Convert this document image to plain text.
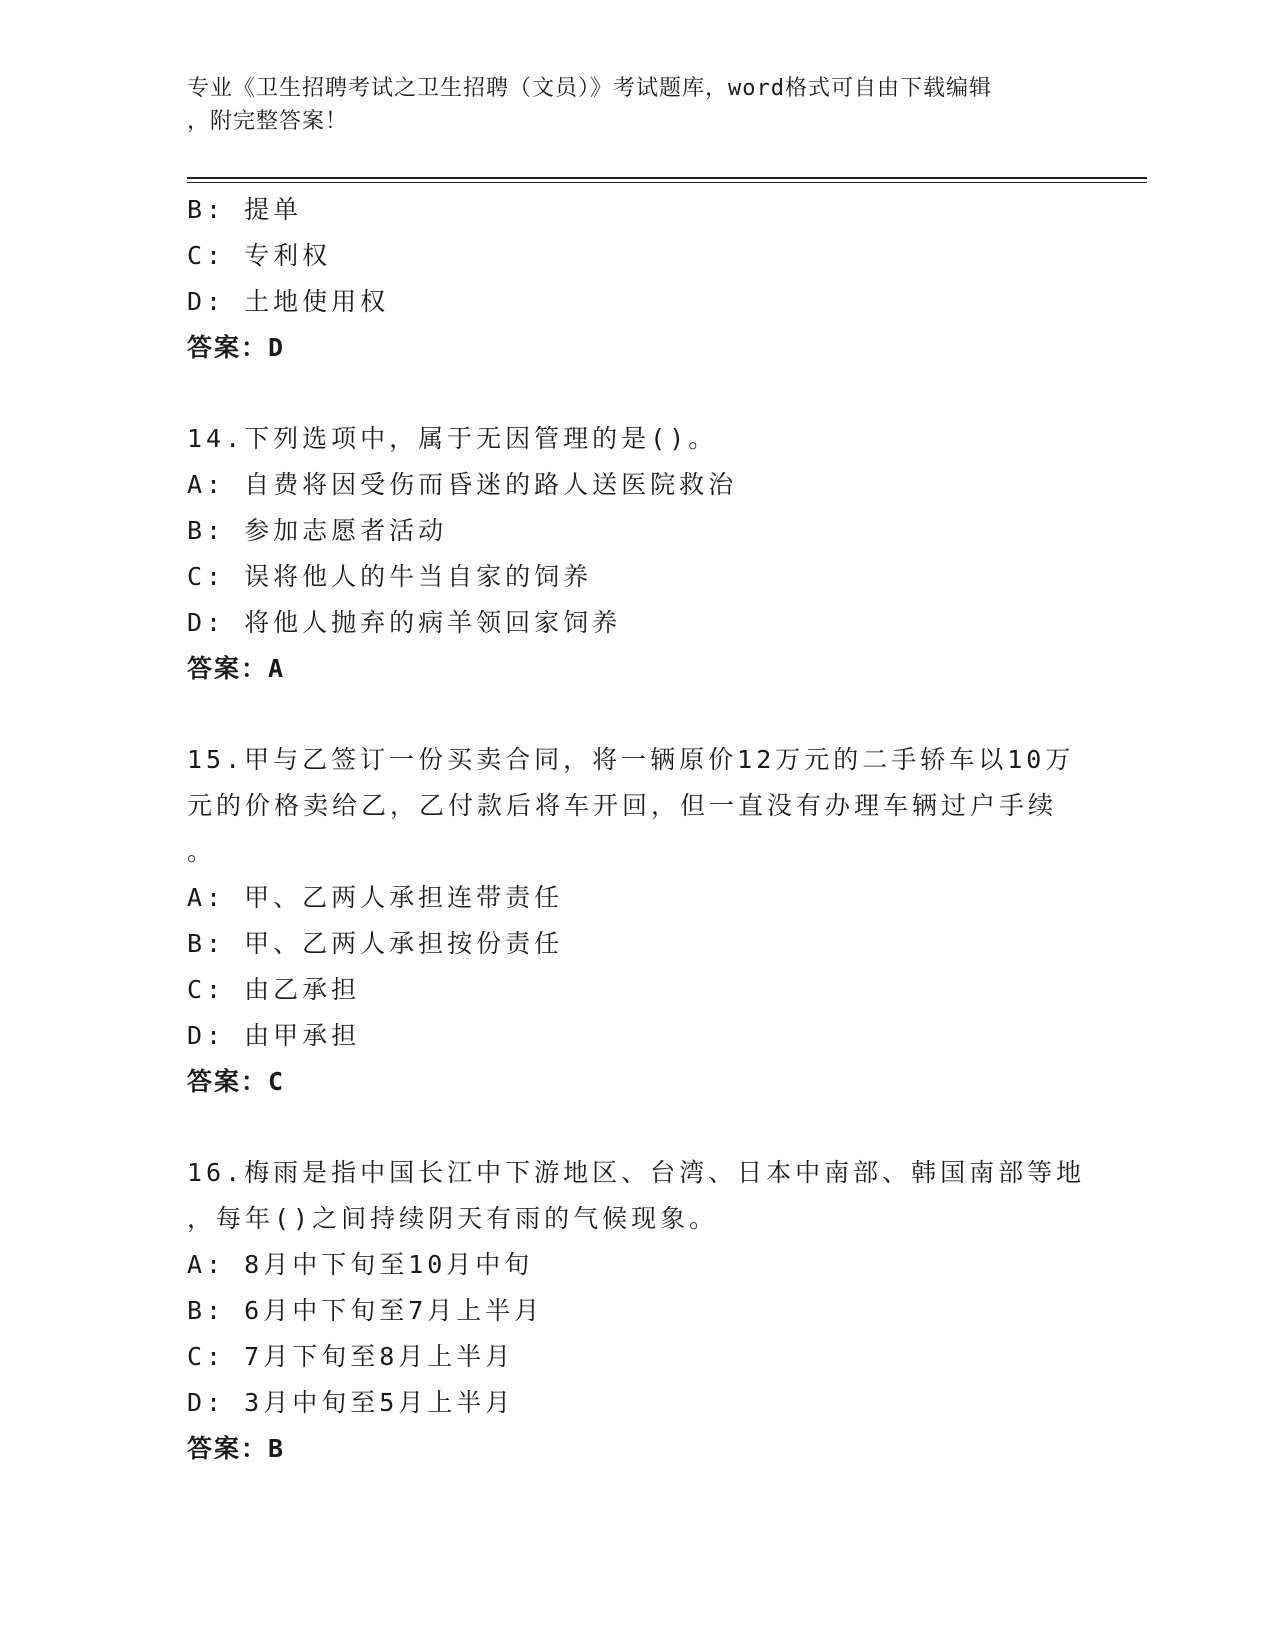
专业《卫生招聘考试之卫生招聘（文员）》考试题库，word格式可自由下载编辑
，附完整答案！
B: 提单
C: 专利权
D: 土地使用权
答案：D
14.下列选项中，属于无因管理的是()。
A: 自费将因受伤而昏迷的路人送医院救治
B: 参加志愿者活动
C: 误将他人的牛当自家的饲养
D: 将他人抛弃的病羊领回家饲养
答案：A
15.甲与乙签订一份买卖合同，将一辆原价12万元的二手轿车以10万
元的价格卖给乙，乙付款后将车开回，但一直没有办理车辆过户手续
。
A: 甲、乙两人承担连带责任
B: 甲、乙两人承担按份责任
C: 由乙承担
D: 由甲承担
答案：C
16.梅雨是指中国长江中下游地区、台湾、日本中南部、韩国南部等地
，每年()之间持续阴天有雨的气候现象。
A: 8月中下旬至10月中旬
B: 6月中下旬至7月上半月
C: 7月下旬至8月上半月
D: 3月中旬至5月上半月
答案：B
